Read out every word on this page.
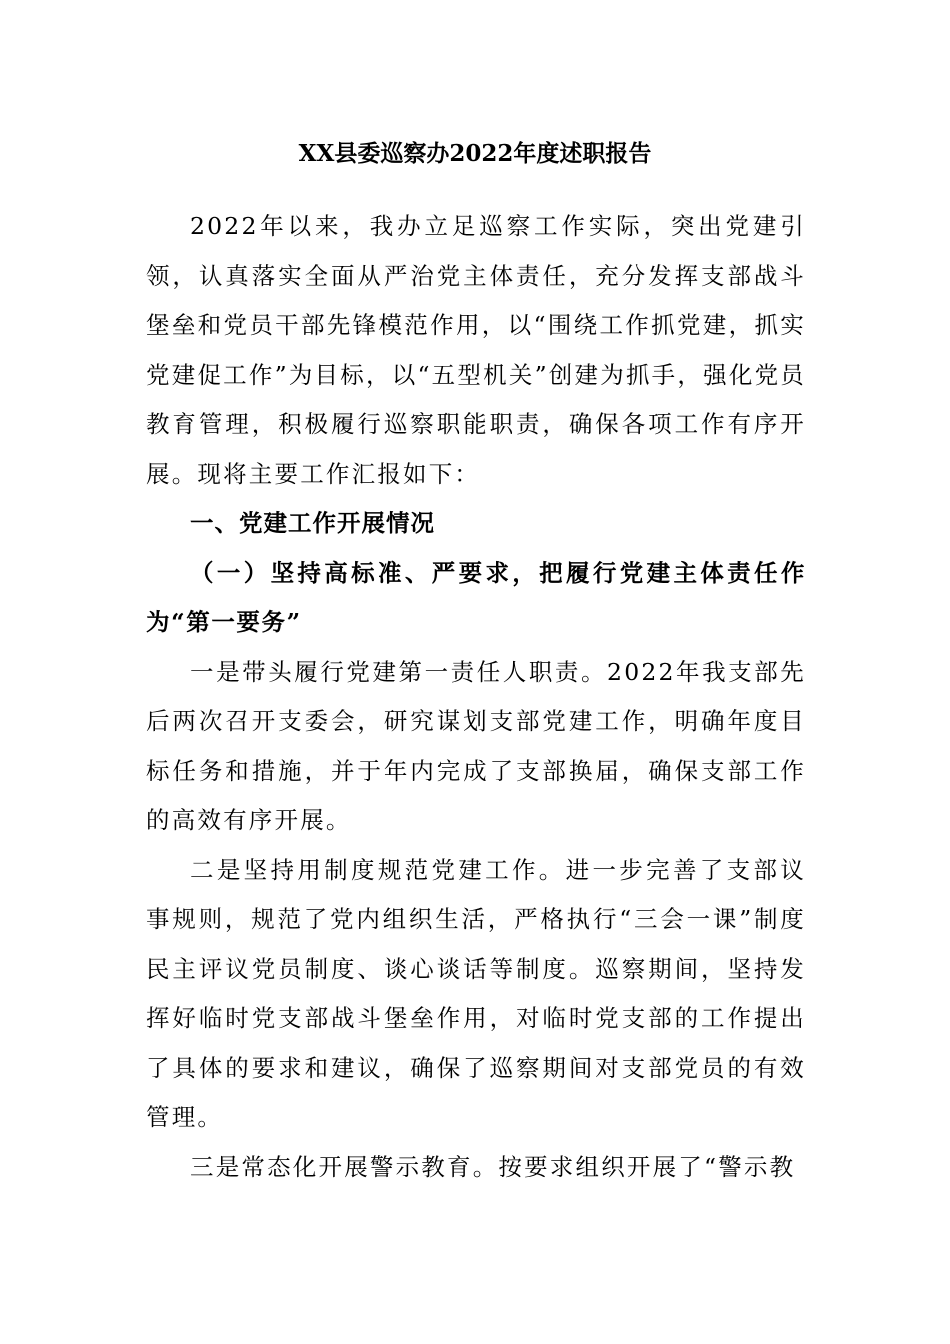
XX县委巡察办2022年度述职报告

2022年以来，我办立足巡察工作实际，突出党建引领，认真落实全面从严治党主体责任，充分发挥支部战斗堡垒和党员干部先锋模范作用，以“围绕工作抓党建，抓实党建促工作”为目标，以“五型机关”创建为抓手，强化党员教育管理，积极履行巡察职能职责，确保各项工作有序开展。现将主要工作汇报如下：

一、党建工作开展情况

（一）坚持高标准、严要求，把履行党建主体责任作为“第一要务”

一是带头履行党建第一责任人职责。2022年我支部先后两次召开支委会，研究谋划支部党建工作，明确年度目标任务和措施，并于年内完成了支部换届，确保支部工作的高效有序开展。

二是坚持用制度规范党建工作。进一步完善了支部议事规则，规范了党内组织生活，严格执行“三会一课”制度民主评议党员制度、谈心谈话等制度。巡察期间，坚持发挥好临时党支部战斗堡垒作用，对临时党支部的工作提出了具体的要求和建议，确保了巡察期间对支部党员的有效管理。

三是常态化开展警示教育。按要求组织开展了“警示教
